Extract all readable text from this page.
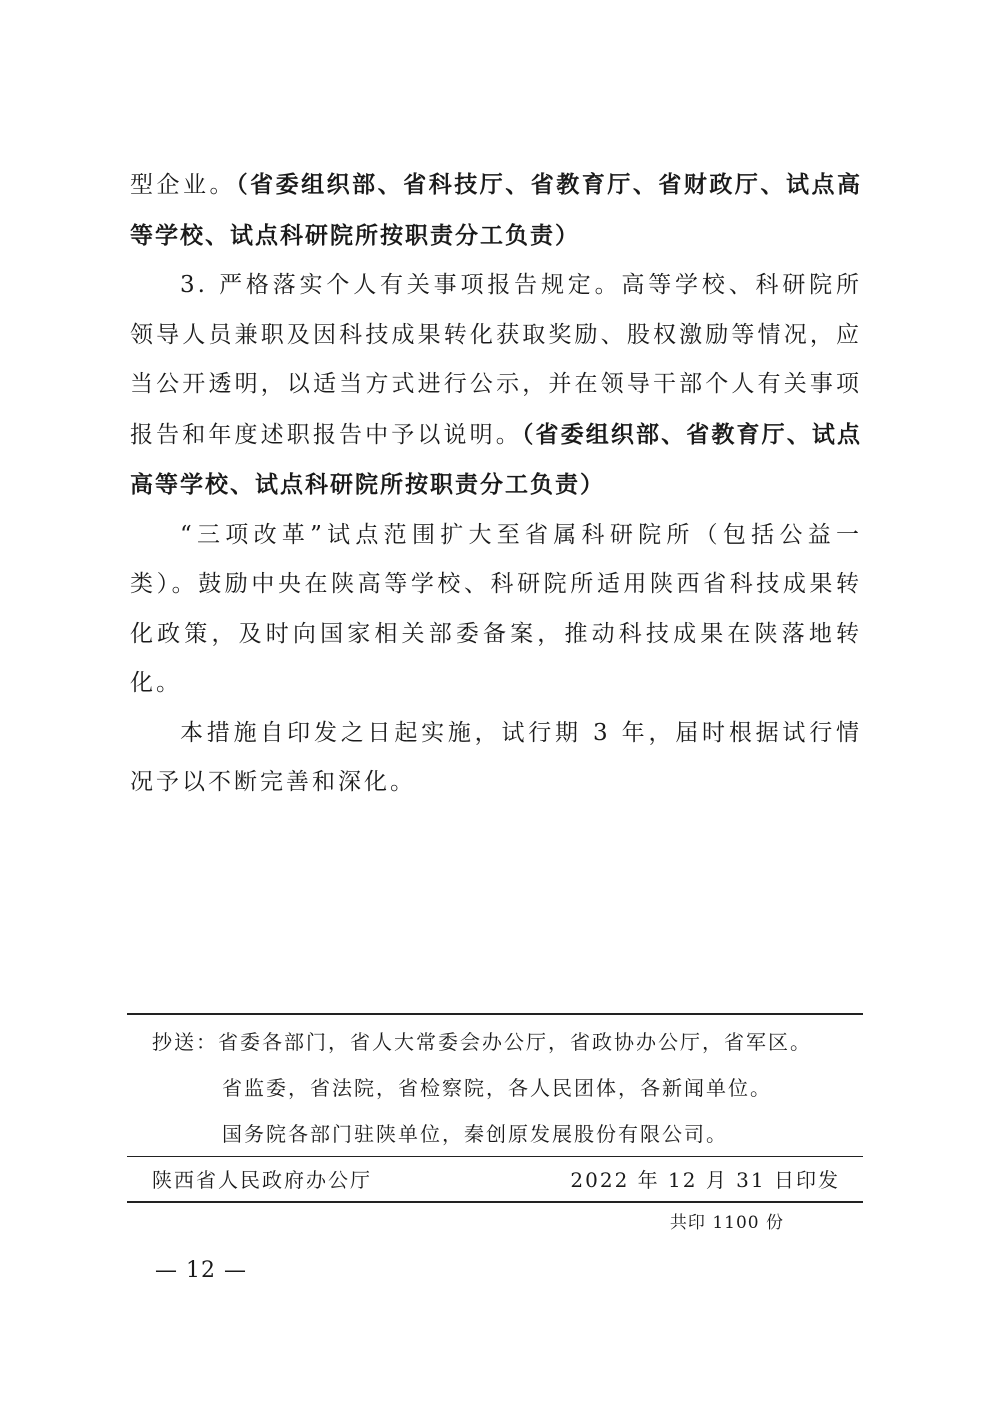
型企业。（省委组织部、省科技厅、省教育厅、省财政厅、试点高等学校、试点科研院所按职责分工负责）

3. 严格落实个人有关事项报告规定。高等学校、科研院所领导人员兼职及因科技成果转化获取奖励、股权激励等情况，应当公开透明，以适当方式进行公示，并在领导干部个人有关事项报告和年度述职报告中予以说明。（省委组织部、省教育厅、试点高等学校、试点科研院所按职责分工负责）

“三项改革”试点范围扩大至省属科研院所（包括公益一类）。鼓励中央在陕高等学校、科研院所适用陕西省科技成果转化政策，及时向国家相关部委备案，推动科技成果在陕落地转化。

本措施自印发之日起实施，试行期 3 年，届时根据试行情况予以不断完善和深化。

抄送：省委各部门，省人大常委会办公厅，省政协办公厅，省军区。
省监委，省法院，省检察院，各人民团体，各新闻单位。
国务院各部门驻陕单位，秦创原发展股份有限公司。
陕西省人民政府办公厅	2022 年 12 月 31 日印发
共印 1100 份
— 12 —
